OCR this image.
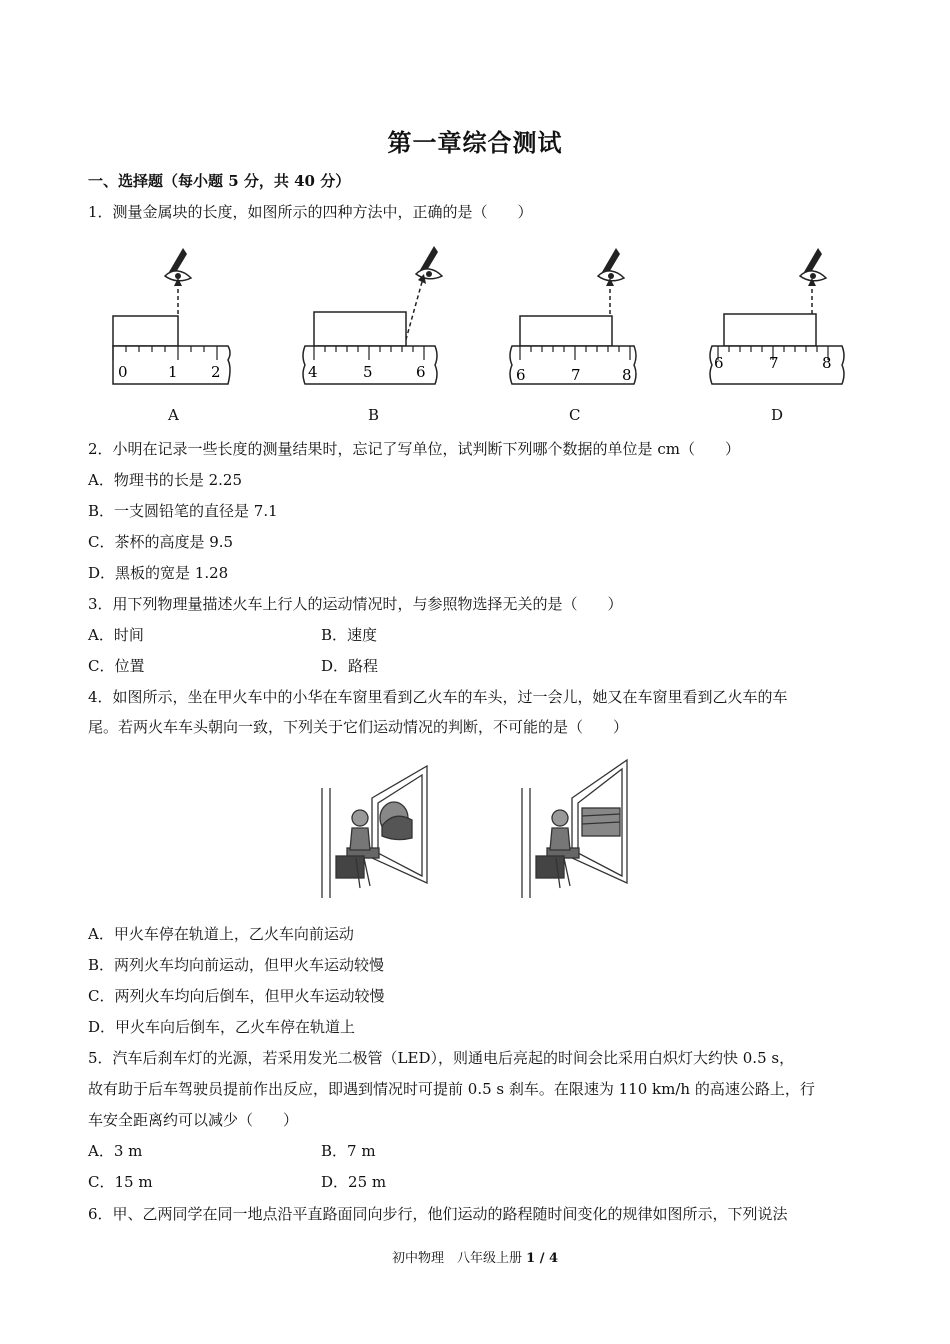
第一章综合测试
一、选择题（每小题 5 分，共 40 分）
1．测量金属块的长度，如图所示的四种方法中，正确的是（　　）
0	1 2	4	5	6	6	7	8
6	7	8
A	B	C	D
2．小明在记录一些长度的测量结果时，忘记了写单位，试判断下列哪个数据的单位是 cm（　　）
A．物理书的长是 2.25
B．一支圆铅笔的直径是 7.1
C．茶杯的高度是 9.5
D．黑板的宽是 1.28
3．用下列物理量描述火车上行人的运动情况时，与参照物选择无关的是（　　）
A．时间	B．速度
C．位置	D．路程
4．如图所示，坐在甲火车中的小华在车窗里看到乙火车的车头，过一会儿，她又在车窗里看到乙火车的车
尾。若两火车车头朝向一致，下列关于它们运动情况的判断，不可能的是（　　）
A．甲火车停在轨道上，乙火车向前运动
B．两列火车均向前运动，但甲火车运动较慢
C．两列火车均向后倒车，但甲火车运动较慢
D．甲火车向后倒车，乙火车停在轨道上
5．汽车后刹车灯的光源，若采用发光二极管（LED），则通电后亮起的时间会比采用白炽灯大约快 0.5 s，
故有助于后车驾驶员提前作出反应，即遇到情况时可提前 0.5 s 刹车。在限速为 110 km/h 的高速公路上，行
车安全距离约可以减少（　　）
A．3 m	B．7 m
C．15 m	D．25 m
6．甲、乙两同学在同一地点沿平直路面同向步行，他们运动的路程随时间变化的规律如图所示，下列说法
初中物理　八年级上册 1 / 4
